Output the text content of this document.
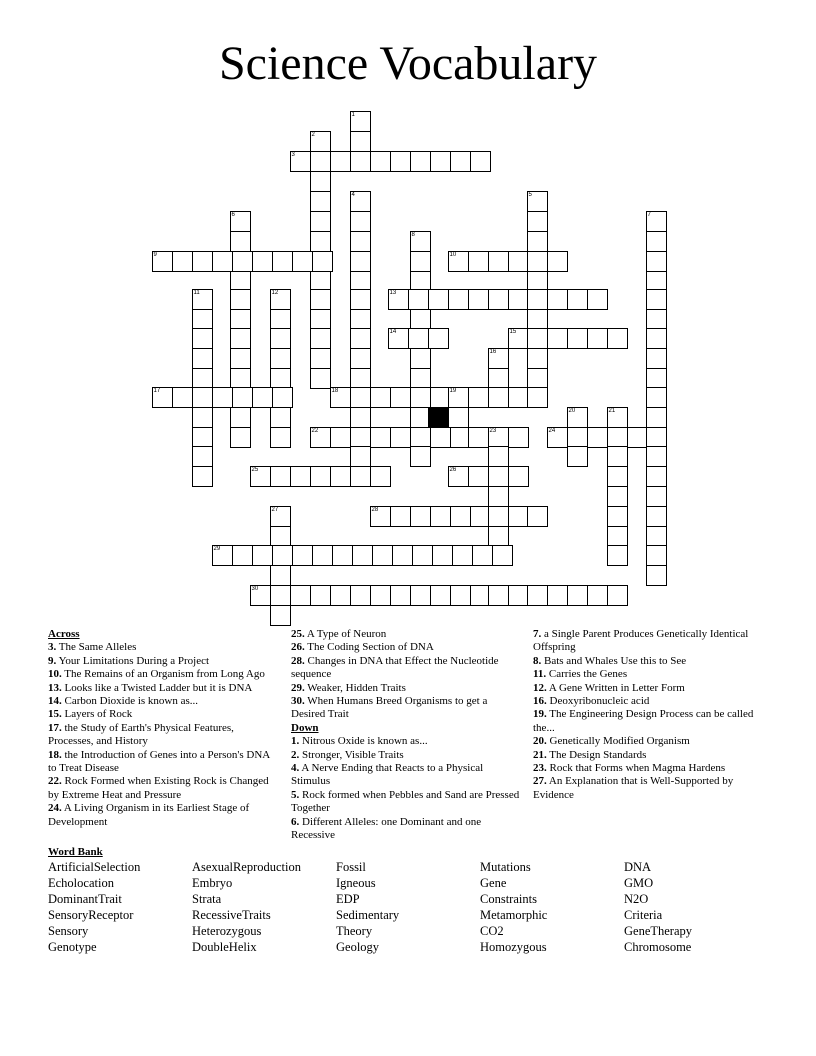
Science Vocabulary
1
2
3
4	5
6	7
8
9	10
11	12	13
14	15
16
17	18	19
20	21
22	23	24
25	26
27	28
29
30
Across
3. The Same Alleles
9. Your Limitations During a Project
10. The Remains of an Organism from Long Ago
13. Looks like a Twisted Ladder but it is DNA
14. Carbon Dioxide is known as...
15. Layers of Rock
17. the Study of Earth's Physical Features, Processes, and History
18. the Introduction of Genes into a Person's DNA to Treat Disease
22. Rock Formed when Existing Rock is Changed by Extreme Heat and Pressure
24. A Living Organism in its Earliest Stage of Development
25. A Type of Neuron
26. The Coding Section of DNA
28. Changes in DNA that Effect the Nucleotide sequence
29. Weaker, Hidden Traits
30. When Humans Breed Organisms to get a Desired Trait
Down
1. Nitrous Oxide is known as...
2. Stronger, Visible Traits
4. A Nerve Ending that Reacts to a Physical Stimulus
5. Rock formed when Pebbles and Sand are Pressed Together
6. Different Alleles: one Dominant and one Recessive
7. a Single Parent Produces Genetically Identical Offspring
8. Bats and Whales Use this to See
11. Carries the Genes
12. A Gene Written in Letter Form
16. Deoxyribonucleic acid
19. The Engineering Design Process can be called the...
20. Genetically Modified Organism
21. The Design Standards
23. Rock that Forms when Magma Hardens
27. An Explanation that is Well-Supported by Evidence
Word Bank
ArtificialSelection	AsexualReproduction	Fossil	Mutations	DNA
Echolocation	Embryo	Igneous	Gene	GMO
DominantTrait	Strata	EDP	Constraints	N2O
SensoryReceptor	RecessiveTraits	Sedimentary	Metamorphic	Criteria
Sensory	Heterozygous	Theory	CO2	GeneTherapy
Genotype	DoubleHelix	Geology	Homozygous	Chromosome
